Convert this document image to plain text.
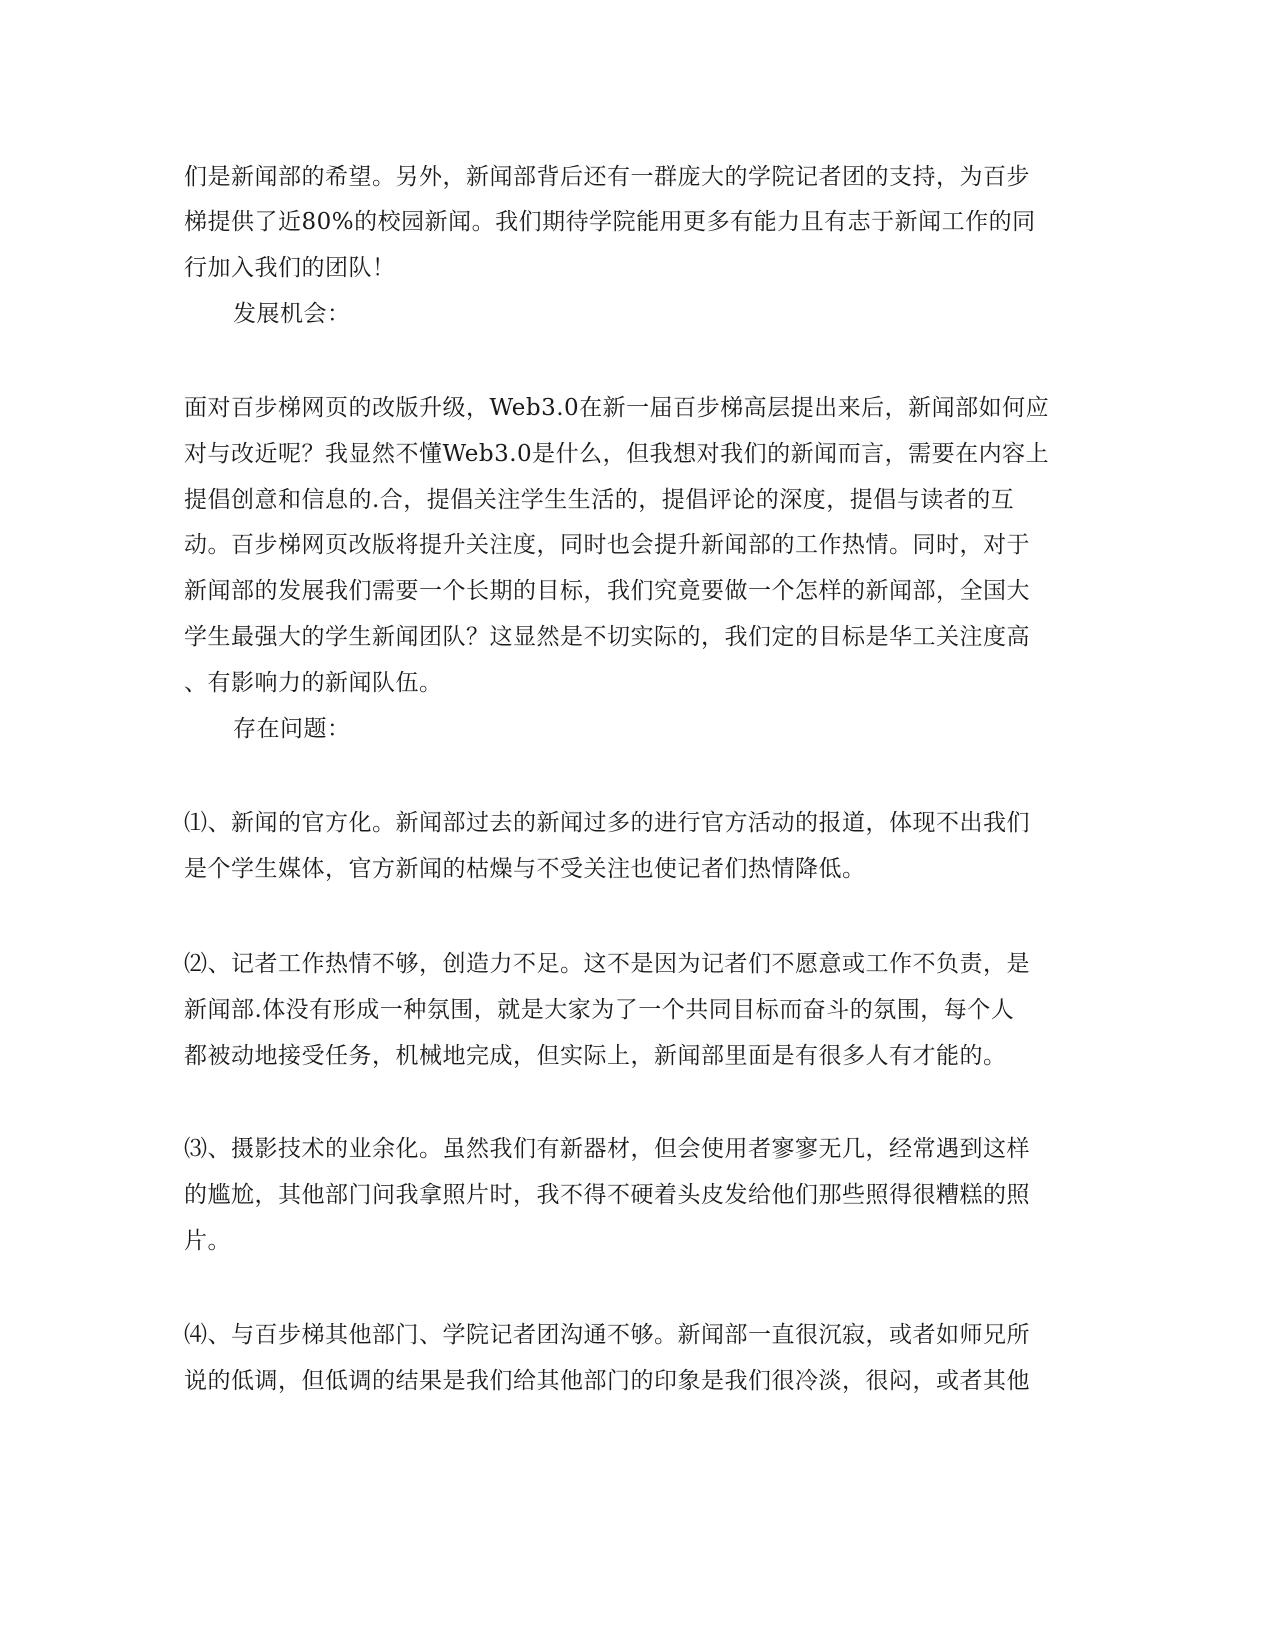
们是新闻部的希望。另外，新闻部背后还有一群庞大的学院记者团的支持，为百步
梯提供了近80%的校园新闻。我们期待学院能用更多有能力且有志于新闻工作的同
行加入我们的团队！
发展机会：
面对百步梯网页的改版升级，Web3.0在新一届百步梯高层提出来后，新闻部如何应
对与改近呢？我显然不懂Web3.0是什么，但我想对我们的新闻而言，需要在内容上
提倡创意和信息的.合，提倡关注学生生活的，提倡评论的深度，提倡与读者的互
动。百步梯网页改版将提升关注度，同时也会提升新闻部的工作热情。同时，对于
新闻部的发展我们需要一个长期的目标，我们究竟要做一个怎样的新闻部，全国大
学生最强大的学生新闻团队？这显然是不切实际的，我们定的目标是华工关注度高
、有影响力的新闻队伍。
存在问题：
⑴、新闻的官方化。新闻部过去的新闻过多的进行官方活动的报道，体现不出我们
是个学生媒体，官方新闻的枯燥与不受关注也使记者们热情降低。
⑵、记者工作热情不够，创造力不足。这不是因为记者们不愿意或工作不负责，是
新闻部.体没有形成一种氛围，就是大家为了一个共同目标而奋斗的氛围，每个人
都被动地接受任务，机械地完成，但实际上，新闻部里面是有很多人有才能的。
⑶、摄影技术的业余化。虽然我们有新器材，但会使用者寥寥无几，经常遇到这样
的尴尬，其他部门问我拿照片时，我不得不硬着头皮发给他们那些照得很糟糕的照
片。
⑷、与百步梯其他部门、学院记者团沟通不够。新闻部一直很沉寂，或者如师兄所
说的低调，但低调的结果是我们给其他部门的印象是我们很冷淡，很闷，或者其他
